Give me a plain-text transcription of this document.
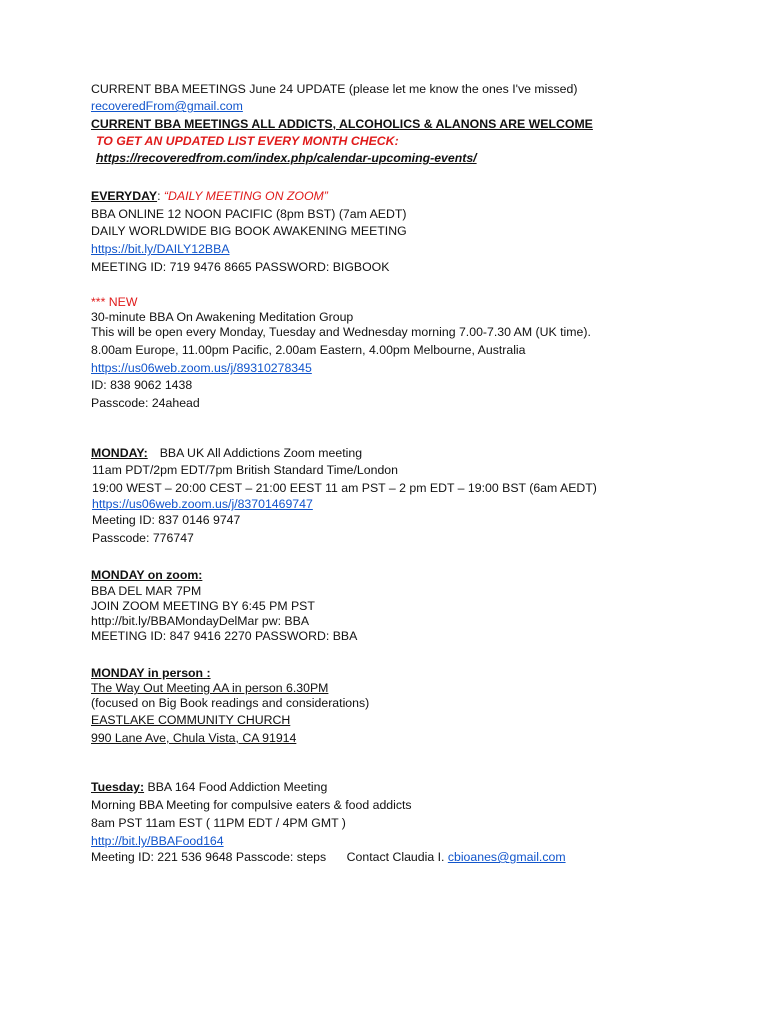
CURRENT BBA MEETINGS June 24 UPDATE (please let me know the ones I've missed)
recoveredFrom@gmail.com
CURRENT BBA MEETINGS ALL ADDICTS, ALCOHOLICS & ALANONS ARE WELCOME
TO GET AN UPDATED LIST EVERY MONTH CHECK:
https://recoveredfrom.com/index.php/calendar-upcoming-events/
EVERYDAY: “DAILY MEETING ON ZOOM”
BBA ONLINE 12 NOON PACIFIC (8pm BST) (7am AEDT)
DAILY WORLDWIDE BIG BOOK AWAKENING MEETING
https://bit.ly/DAILY12BBA
MEETING ID: 719 9476 8665 PASSWORD: BIGBOOK
*** NEW
30-minute BBA On Awakening Meditation Group
This will be open every Monday, Tuesday and Wednesday morning 7.00-7.30 AM (UK time).
8.00am Europe, 11.00pm Pacific, 2.00am Eastern, 4.00pm Melbourne, Australia
https://us06web.zoom.us/j/89310278345
ID: 838 9062 1438
Passcode: 24ahead
MONDAY: BBA UK All Addictions Zoom meeting
11am PDT/2pm EDT/7pm British Standard Time/London
19:00 WEST – 20:00 CEST – 21:00 EEST 11 am PST – 2 pm EDT – 19:00 BST (6am AEDT)
https://us06web.zoom.us/j/83701469747
Meeting ID: 837 0146 9747
Passcode: 776747
MONDAY on zoom:
BBA DEL MAR 7PM
JOIN ZOOM MEETING BY 6:45 PM PST
http://bit.ly/BBAMondayDelMar pw: BBA
MEETING ID: 847 9416 2270 PASSWORD: BBA
MONDAY in person :
The Way Out Meeting AA in person 6.30PM
(focused on Big Book readings and considerations)
EASTLAKE COMMUNITY CHURCH
990 Lane Ave, Chula Vista, CA 91914
Tuesday: BBA 164 Food Addiction Meeting
Morning BBA Meeting for compulsive eaters & food addicts
8am PST 11am EST ( 11PM EDT / 4PM GMT )
http://bit.ly/BBAFood164
Meeting ID: 221 536 9648 Passcode: steps      Contact Claudia I. cbioanes@gmail.com
